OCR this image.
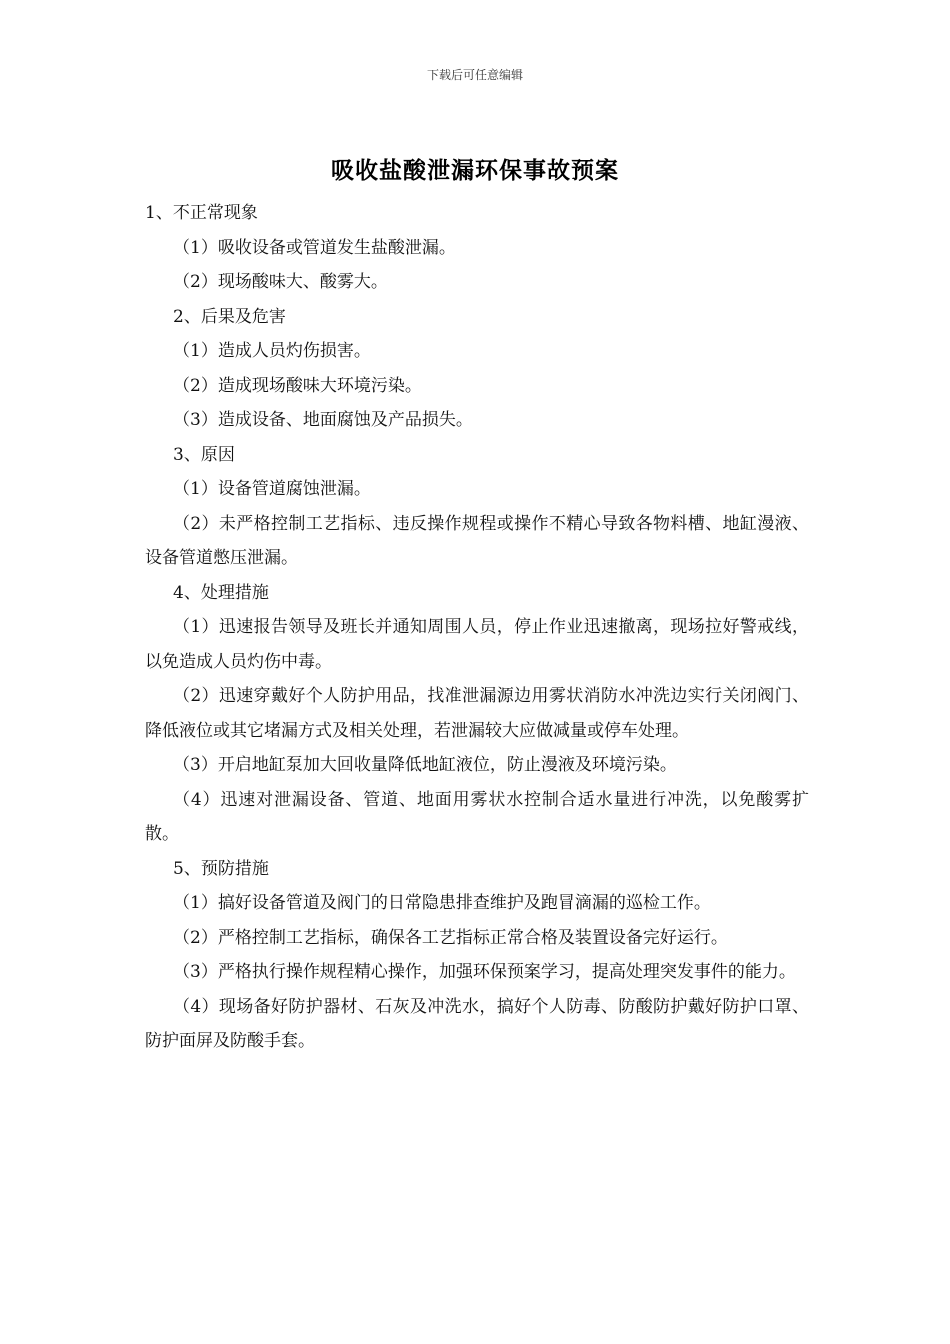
下载后可任意编辑
吸收盐酸泄漏环保事故预案

1、不正常现象

（1）吸收设备或管道发生盐酸泄漏。

（2）现场酸味大、酸雾大。

2、后果及危害

（1）造成人员灼伤损害。

（2）造成现场酸味大环境污染。

（3）造成设备、地面腐蚀及产品损失。

3、原因

（1）设备管道腐蚀泄漏。

（2）未严格控制工艺指标、违反操作规程或操作不精心导致各物料槽、地缸漫液、设备管道憋压泄漏。

4、处理措施

（1）迅速报告领导及班长并通知周围人员，停止作业迅速撤离，现场拉好警戒线，以免造成人员灼伤中毒。

（2）迅速穿戴好个人防护用品，找准泄漏源边用雾状消防水冲洗边实行关闭阀门、降低液位或其它堵漏方式及相关处理，若泄漏较大应做减量或停车处理。

（3）开启地缸泵加大回收量降低地缸液位，防止漫液及环境污染。

（4）迅速对泄漏设备、管道、地面用雾状水控制合适水量进行冲洗，以免酸雾扩散。

5、预防措施

（1）搞好设备管道及阀门的日常隐患排查维护及跑冒滴漏的巡检工作。

（2）严格控制工艺指标，确保各工艺指标正常合格及装置设备完好运行。

（3）严格执行操作规程精心操作，加强环保预案学习，提高处理突发事件的能力。

（4）现场备好防护器材、石灰及冲洗水，搞好个人防毒、防酸防护戴好防护口罩、防护面屏及防酸手套。
